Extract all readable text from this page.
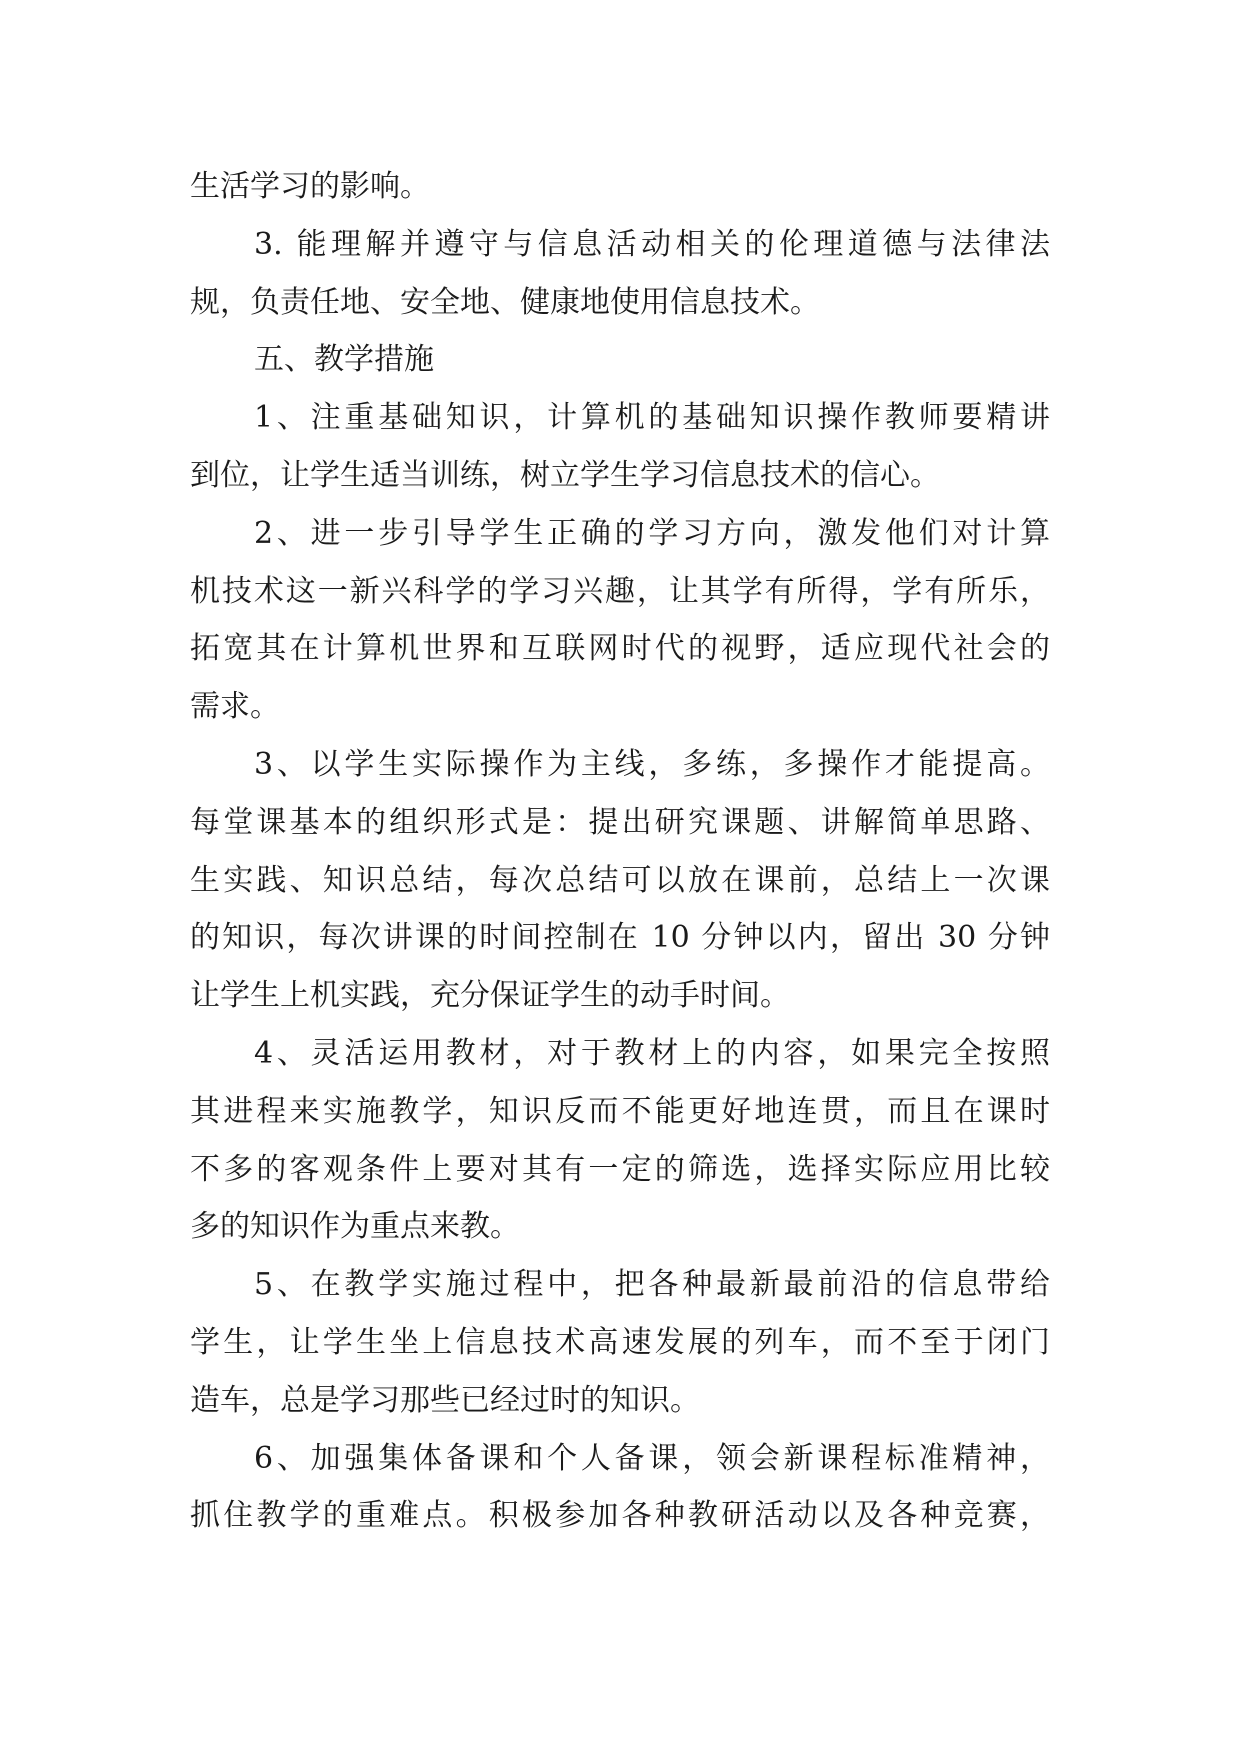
生活学习的影响。
3. 能理解并遵守与信息活动相关的伦理道德与法律法
规，负责任地、安全地、健康地使用信息技术。
五、教学措施
1、注重基础知识，计算机的基础知识操作教师要精讲
到位，让学生适当训练，树立学生学习信息技术的信心。
2、进一步引导学生正确的学习方向，激发他们对计算
机技术这一新兴科学的学习兴趣，让其学有所得，学有所乐，
拓宽其在计算机世界和互联网时代的视野，适应现代社会的
需求。
3、以学生实际操作为主线，多练，多操作才能提高。
每堂课基本的组织形式是：提出研究课题、讲解简单思路、
生实践、知识总结，每次总结可以放在课前，总结上一次课
的知识，每次讲课的时间控制在 10 分钟以内，留出 30 分钟
让学生上机实践，充分保证学生的动手时间。
4、灵活运用教材，对于教材上的内容，如果完全按照
其进程来实施教学，知识反而不能更好地连贯，而且在课时
不多的客观条件上要对其有一定的筛选，选择实际应用比较
多的知识作为重点来教。
5、在教学实施过程中，把各种最新最前沿的信息带给
学生，让学生坐上信息技术高速发展的列车，而不至于闭门
造车，总是学习那些已经过时的知识。
6、加强集体备课和个人备课，领会新课程标准精神，
抓住教学的重难点。积极参加各种教研活动以及各种竞赛，
